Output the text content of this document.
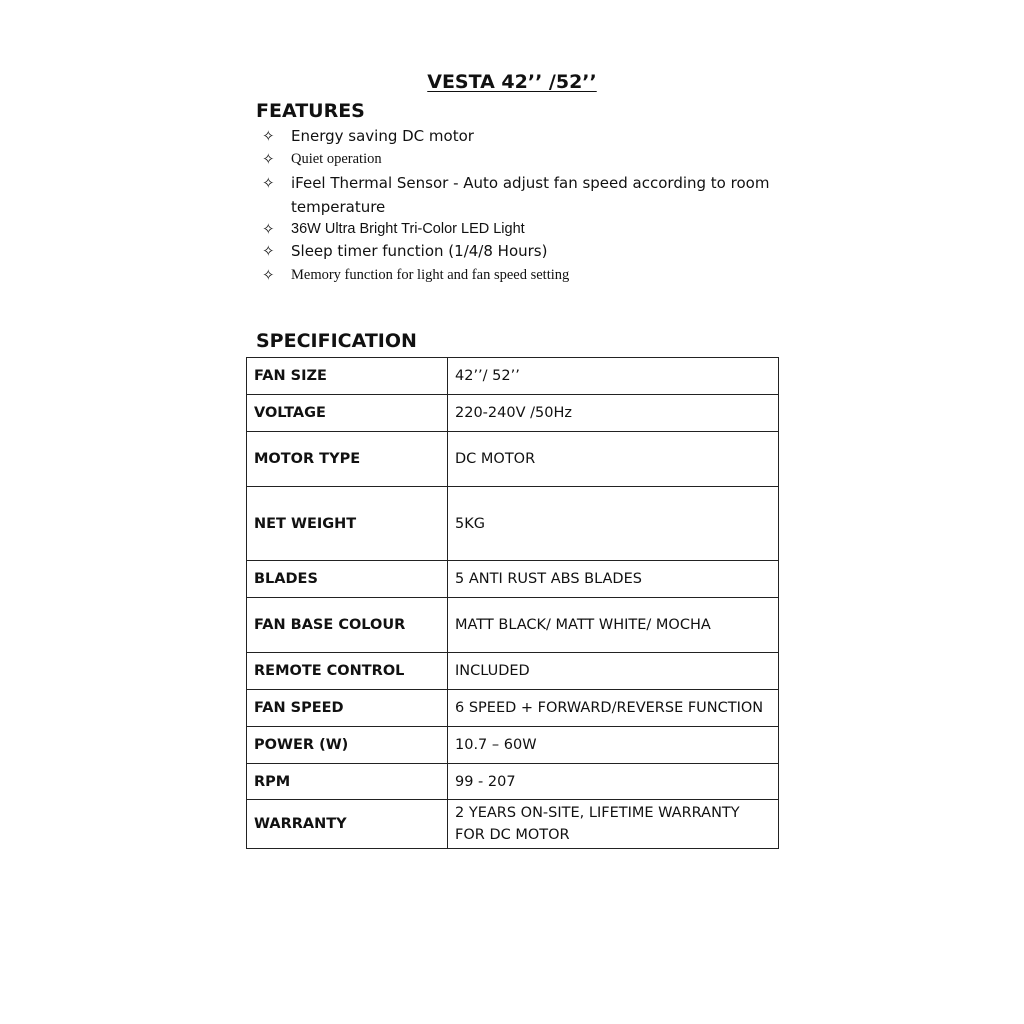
VESTA 42’’ /52’’
FEATURES
✧ Energy saving DC motor
✧ Quiet operation
✧ iFeel Thermal Sensor - Auto adjust fan speed according to room temperature
✧ 36W Ultra Bright Tri-Color LED Light
✧ Sleep timer function (1/4/8 Hours)
✧ Memory function for light and fan speed setting
SPECIFICATION
FAN SIZE	42’’/ 52’’
VOLTAGE	220-240V /50Hz
MOTOR TYPE	DC MOTOR
NET WEIGHT	5KG
BLADES	5 ANTI RUST ABS BLADES
FAN BASE COLOUR	MATT BLACK/ MATT WHITE/ MOCHA
REMOTE CONTROL	INCLUDED
FAN SPEED	6 SPEED + FORWARD/REVERSE FUNCTION
POWER (W)	10.7 – 60W
RPM	99 - 207
WARRANTY	2 YEARS ON-SITE, LIFETIME WARRANTY FOR DC MOTOR
